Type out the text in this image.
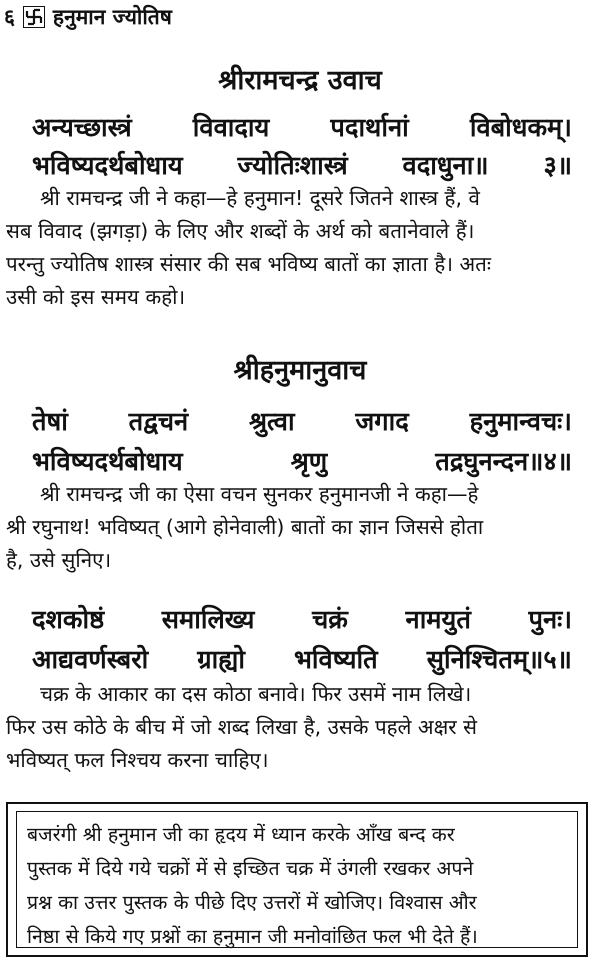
६ हनुमान ज्योतिष
श्रीरामचन्द्र उवाच
अन्यच्छास्त्रं विवादाय पदार्थानां विबोधकम्।
भविष्यदर्थबोधाय ज्योतिःशास्त्रं वदाधुना॥ ३॥
श्री रामचन्द्र जी ने कहा—हे हनुमान! दूसरे जितने शास्त्र हैं, वे
सब विवाद (झगड़ा) के लिए और शब्दों के अर्थ को बतानेवाले हैं।
परन्तु ज्योतिष शास्त्र संसार की सब भविष्य बातों का ज्ञाता है। अतः
उसी को इस समय कहो।
श्रीहनुमानुवाच
तेषां तद्वचनं श्रुत्वा जगाद हनुमान्वचः।
भविष्यदर्थबोधाय	श्रृणु	तद्रघुनन्दन॥४॥
श्री रामचन्द्र जी का ऐसा वचन सुनकर हनुमानजी ने कहा—हे
श्री रघुनाथ! भविष्यत् (आगे होनेवाली) बातों का ज्ञान जिससे होता
है, उसे सुनिए।
दशकोष्ठं समालिख्य चक्रं नामयुतं पुनः।
आद्यवर्णस्बरो ग्राह्यो भविष्यति सुनिश्चितम्॥५॥
चक्र के आकार का दस कोठा बनावे। फिर उसमें नाम लिखे।
फिर उस कोठे के बीच में जो शब्द लिखा है, उसके पहले अक्षर से
भविष्यत् फल निश्चय करना चाहिए।
बजरंगी श्री हनुमान जी का हृदय में ध्यान करके आँख बन्द कर
पुस्तक में दिये गये चक्रों में से इच्छित चक्र में उंगली रखकर अपने
प्रश्न का उत्तर पुस्तक के पीछे दिए उत्तरों में खोजिए। विश्वास और
निष्ठा से किये गए प्रश्नों का हनुमान जी मनोवांछित फल भी देते हैं।
